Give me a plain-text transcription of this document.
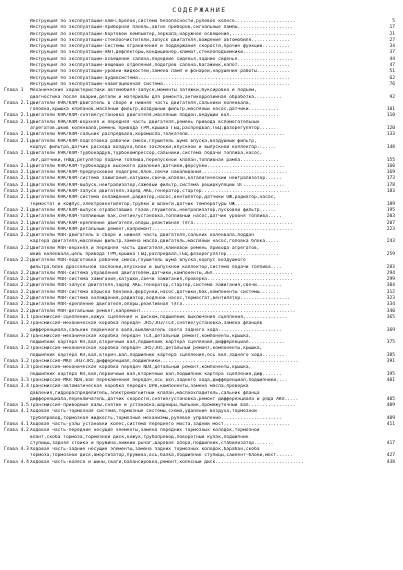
СОДЕРЖАНИЕ
Инструкция по эксплуатации-ключ,брелок,система безопасности,рулевое колесо......................	5
Инструкция по эксплуатации-приборная панель,автон приборов,сигнальные лампы....................	17
Инструкция по эксплуатации-бортовой компьютер,зеркала,наружное освещение,.......................	21
Инструкция по эксплуатации-стеклоочистители,запуск двигателя,вождение автомобиля..............	27
Инструкция по эксплуатации-системы ограничения и поддержания скорости,прочие функции..........	34
Инструкция по эксплуатации-АКП,дефлекторы,кондиционер,климат,стеклоподъемники..................	37
Инструкция по эксплуатации-освещение салона,передние сиденья,задние сиденья....................	44
Инструкция по эксплуатации-вещевые отделения,подогрев салона,багажник,капот...................	47
Инструкция по эксплуатации-уровни жидкостей,замена ламп и фонарей,нарушения работы............	51
Инструкция по эксплуатации-аудиосистема.......................................................	62
Инструкция по эксплуатации-навигационная система..............................................	76
Глава 1	Механические характеристики автомобиля-запуск,моменты затяжки,буксировка и подъем,
диагностика после аварии,детали и материалы для ремонта,антикоррозийная обработка..........	92
Глава 2.1 Двигатели K9K/K4M-двигатель в сборе и нижняя часть двигателя,сальники коленвала,
головка,крышка клапанов,масляный фильтр,воздушный фильтр,масляный насос,датчики...........	101
Глава 2.1 Двигатели K9K/K4M-снятие/установка двигателя,масляный поддон,ведущий вал..................	110
Глава 2.1 Двигатели K9K/K4M-верхняя и передняя часть двигателя,ремень привода вспомогательных
агрегатов,шкив коленвала,ремень привода ГРМ,крышка ГБЦ,распредвал,ГБЦ,фазорегулятор......	120
Глава 2.1 Двигатели K9K/K4M-сальник распредвала,коромысла,толкатели...................................	133
Глава 2.1 Двигатели K9K/K4M-подготовка рабочей смеси,глушитель шума впуска,воздушный фильтр,
корпус фильтра,датчик расхода воздуха,блок заслонки,впускной и выпускной коллектор.......	148
Глава 2.1 Двигатели K9K/K4M-турбонаддув,турбокомпрессор,сальники,система подачи топлива,насос,
ЭБУ,датчики,ТНВД,регулятор подачи топлива,перепускной клапан,топливная рампа..............	155
Глава 2.1 Двигатели K9K/K4M-турбонаддув высокого давления,датчики,форсунки............................	160
Глава 2.1 Двигатели K9K/K4M-предпусковой подогрев,блок,свечи накаливания...............................	169
Глава 2.1 Двигатели K9K/K4M-система зажигания,катушки,свечи,клапан,каталитический нейтрализатор......	173
Глава 2.1 Двигатели K9K/K4M-выпуск,нейтрализатор,сажевый фильтр,система рециркуляции ОГ...............	178
Глава 2.1 Двигатели K9K/K4M-запуск двигателя,заряд АКБ,генератор,стартер................................	183
Глава 2.1 Двигатели K9K/K4M-система охлаждения,радиатор,насос,вентилятор,датчики ОЖ,радиатор,насос,
термостат и кофпус,электровентилятор,трубки и шланги,датчик температуры ОЖ................	189
Глава 2.1 Двигатели K9K/K4M-выпуск отработавших газов,глушитель,нейтрализатор,пусковой фильтр......	195
Глава 2.1 Двигатели K9K/K4M-топливный бак,снятие/установка,топливный насос,датчик уровня топлива.....	203
Глава 2.1 Двигатели K9K/K4M-крепление двигателя,опоры,реактивная тяга....................................	207
Глава 2.1 Двигатели K9K/K4M-детальный ремонт,капремонт...................................................	223
Глава 2.2 Двигатели M4R-двигатель в сборе и нижняя часть двигателя,сальник коленвала,поддон
картера двигателя,масляный фильтр,замена масла,двигатель,масляный насос,головка блока.....	243
Глава 2.2 Двигатели M4R-верхняя и передняя часть двигателя,клиновой ремень привода агрегатов,
шкив коленвала,цепь привода ГРМ,крышка ГБЦ,распредвал,ГБЦ,фазорегулятор...................	259
Глава 2.2 Двигатели M4R-подготовка рабочей смеси,глушитель шума впуска,корпус воздушного
фильтра,блок дроссельной заслонки,впускной и выпускной коллектор,система подачи топлива....	283
Глава 2.2 Двигатели M4R-система управления двигателем,датчики,компоненты,ЭБУ.............................	294
Глава 2.2 Двигатели M4R-система зажигания,катушки,свечи зажигания,проверка...............................	299
Глава 2.2 Двигатели M4R-запуск двигателя,заряд АКБ,генератор,стартер,система зажигания,свечи.........	304
Глава 2.2 Двигатели M4R-система впрыска бензина,форсунки,насос,датчики,бак,компоненты системы.......	312
Глава 2.2 Двигатели M4R-система охлаждения,радиатор,водяной насос,термостат,вентилятор..................	323
Глава 2.2 Двигатели M4R-крепление двигателя,опоры,реактивная тяга.......................................	334
Глава 2.2 Двигатели M4R-детальный ремонт,капремонт........................................................	340
Глава 3.1 Трансмиссия-сцепление,кожух сцепления и диском,подшипник выключения сцепления,...............	365
Глава 3.2 Трансмиссия-механическая коробка передач JR5/JH3/TL4,снятие/установка,замена фланцев
дифференциала,сальник первичного вала,выключатель света заднего хода.......................	369
Глава 3.2 Трансмиссия-механическая коробка передач TL4,детальный ремонт,компоненты,крышка,
подшипник картера КП,вал,вторичный вал,подшипник картера сцепления,дифференциал.............	375
Глава 3.2 Трансмиссия-механическая коробка передач JR5/JH5,детальный ремонт,компоненты,крышка,
подшипник картера КП,вал,вторич.вал,подшипник картера сцепления,ось вкл.заднего хода........	385
Глава 3.2 Трансмиссия-МКП JH3/JR5,дифференциал,подшипники..................................................	391
Глава 3.3 Трансмиссия-механическая коробка передач ND4,детальный ремонт,компоненты,крышка,
подшипник картера КП,вал,первичный вал,вторичный вал,подшипник картера сцепления,диф.......	395
Глава 3.3 Трансмиссия-МКП ND4,вал переключения передач,ось вкл.заднего хода,дифференциал,подшипники....	401
Глава 3.4 Трансмиссия-автоматическая коробка передач DP0,компоненты,замена масла,проверка
давления,гидрораспределитель,электромагнитный клапан,маслоохладитель,сальник фланца
дифференциала,переключатель,датчик скорости,снятие/установка,ремонт дифференциала и ряда АКП.....	405
Глава 3.5 Трансмиссия-приводные валы,снятие и установка,шарниры,пыльник,промежуточный вал.................	409
Глава 4.1 Ходовая часть-тормозная система,тормозные системы,схема,удаление воздуха,тормозной
трубопровод,тормозная жидкость,тормозные механизмы,рулевое управление......................	409
Глава 4.1 Ходовая часть-узлы установки колес,система переднего моста,задний мост........................	411
Глава 4.2 Ходовая часть-передние несущие элементы,замена передних тормозных колодок,тормозной
влант,скоба тормоза,тормозной диск,кожух,трубопровод,поворотный кулак,подшипник
ступицы,задняя стойка и пружина,нижний рычаг,шаровая опора,подшипник,стабилизатор.......	417
Глава 4.3 Ходовая часть-задние несущие элементы,замена задних тормозных колодок,барабан,скоба
тормоза,тормозной диск,амортизатор,пружина,ось,балка,подшипник ступицы,сайлент-блоки,мост......	427
Глава 4.4 Ходовая часть-колеса и шины,сваги,балансировка,ремонт,колесный диск................................	438
